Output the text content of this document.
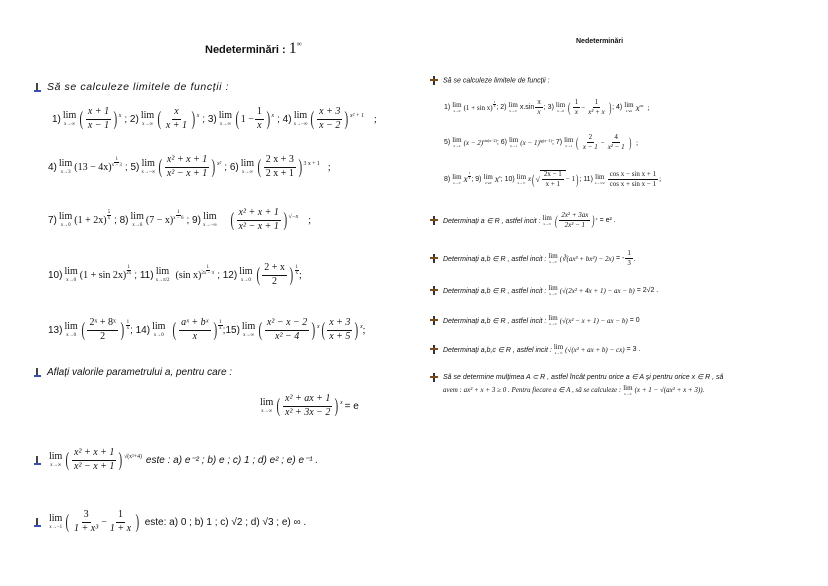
Nedeterminări : 1∞
Să se calculeze limitele de funcții :
1) lim
x→∞ ( $\frac{x + 1}{x - 1}$ ) x ; 2) lim
x→∞ ( $\frac{x}{x + 1}$ ) x ; 3) lim
x→∞ ( $1 - \frac{1}{x}$ ) x ; 4) lim
x→−∞ ( $\frac{x + 3}{x - 2}$ ) x² + 1 ;
4) lim
x→3 (13 − 4x)
1
x − 3 ; 5) lim
x→−∞ ( $\frac{\text{x² + x + 1}}{\text{x² − x + 1}}$ ) x² ; 6) lim
x→∞ ( $\frac{2 x + 3}{2 x + 1}$ ) 3 x + 1 ;
7) lim
x→0 (1 + 2x)
5
x ; 8) lim
x→6 (7 − x)
1
x − 6 ; 9) lim
x→−∞ ( $\frac{\text{x² + x + 1}}{\text{x² − x + 1}}$ ) √−x ;
10) lim
x→0 (1 + sin 2x)
1
2x ; 11) lim
x→π/2 (sin x)
1
2x − π ; 12) lim
x→0 ( $\frac{2 + x}{2}$ ) 1
x ;
13) lim
x→0 ( $\frac{\text{2ˣ + 8ˣ}}{2}$ ) 1
x ; 14) lim
x→0 ( $\frac{\text{aˣ + bˣ}}{x}$ ) 1
x ;15) lim
x→∞ ( $\frac{\text{x² − x − 2}}{\text{x² − 4}}$ ) x ( $\frac{x + 3}{x + 5}$ ) x ;
Aflați valorile parametrului a, pentru care :
lim
x→∞ ( $\frac{\text{x² + ax + 1}}{\text{x² + 3x − 2}}$ ) x = e
lim
x→∞ ( $\frac{\text{x² + x + 1}}{\text{x² − x + 1}}$ ) √(x²+4) este : a) e⁻² ; b) e ; c) 1 ; d) e² ; e) e⁻¹ .
lim
x→−1 ( $\frac{3}{\text{1 + x³}} - \frac{1}{1 + x}$ ) este: a) 0 ; b) 1 ; c) √2 ; d) √3 ; e) ∞ .
Nedeterminări
Să se calculeze limitele de funcții :
1) lim
x→0 (1 + sin x)
1
x ; 2) lim
x→∞ $x.\sin \frac{\pi}{x}$ ; 3) lim
x→0 ( $\frac{1}{x} - \frac{1}{\text{x² + x}}$ ) ; 4) lim
x↘0 x πx ;
5) lim
x→2 (x − 2) sin(x−2) ; 6) lim
x→1 (x − 1) tg(x−1) ; 7) lim
x→1 ( $\frac{2}{x - 1} - \frac{4}{\text{x² − 1}}$ ) ;
8) lim
x→∞ x
1
x ; 9) lim
x↘0 x x ; 10) lim
x→∞ x ( √ $\frac{2x - 1}{x + 1} - 1$ ) ; 11) lim
$x\to\pi/2 \frac{\text{cos x − sin x + 1}}{\text{cos x + sin x − 1}}$ ;
Determinați a ∈ R , astfel incit : lim
x→∞ ( $\frac{\text{2x² + 3ax}}{\text{2x² − 1}}$ ) x = e² .
Determinați a,b ∈ R , astfel incit : lim
x→∞ (∛(ax³ + bx²) − 2x) = - $\frac{1}{3}$ .
Determinați a,b ∈ R , astfel incit : lim
x→∞ (√(2x² + 4x + 1) − ax − b) = 2√2 .
Determinați a,b ∈ R , astfel incit : lim
x→∞ (√(x² − x + 1) − ax − b) = 0
Determinați a,b,c ∈ R , astfel incit : lim
x→∞ (√(x² + ax + b) − cx) = 3 .
Să se determine mulțimea A ⊂ R , astfel încât pentru orice a ∈ A și pentru orice x ∈ R , să
avem : ax² + x + 3 ≥ 0 . Pentru fiecare a ∈ A , să se calculeze : lim
x→∞ (x + 1 − √(ax² + x + 3)).
